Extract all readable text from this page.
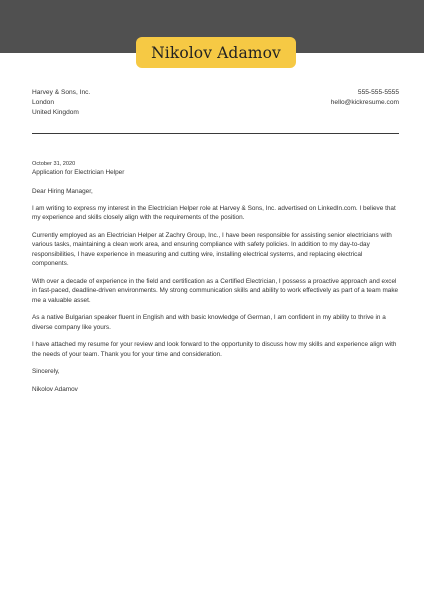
Nikolov Adamov
Harvey & Sons, Inc.
London
United Kingdom
555-555-5555
hello@kickresume.com

October 31, 2020

Application for Electrician Helper

Dear Hiring Manager,

I am writing to express my interest in the Electrician Helper role at Harvey & Sons, Inc. advertised on LinkedIn.com. I believe that my experience and skills closely align with the requirements of the position.

Currently employed as an Electrician Helper at Zachry Group, Inc., I have been responsible for assisting senior electricians with various tasks, maintaining a clean work area, and ensuring compliance with safety policies. In addition to my day-to-day responsibilities, I have experience in measuring and cutting wire, installing electrical systems, and replacing electrical components.

With over a decade of experience in the field and certification as a Certified Electrician, I possess a proactive approach and excel in fast-paced, deadline-driven environments. My strong communication skills and ability to work effectively as part of a team make me a valuable asset.

As a native Bulgarian speaker fluent in English and with basic knowledge of German, I am confident in my ability to thrive in a diverse company like yours.

I have attached my resume for your review and look forward to the opportunity to discuss how my skills and experience align with the needs of your team. Thank you for your time and consideration.

Sincerely,

Nikolov Adamov
